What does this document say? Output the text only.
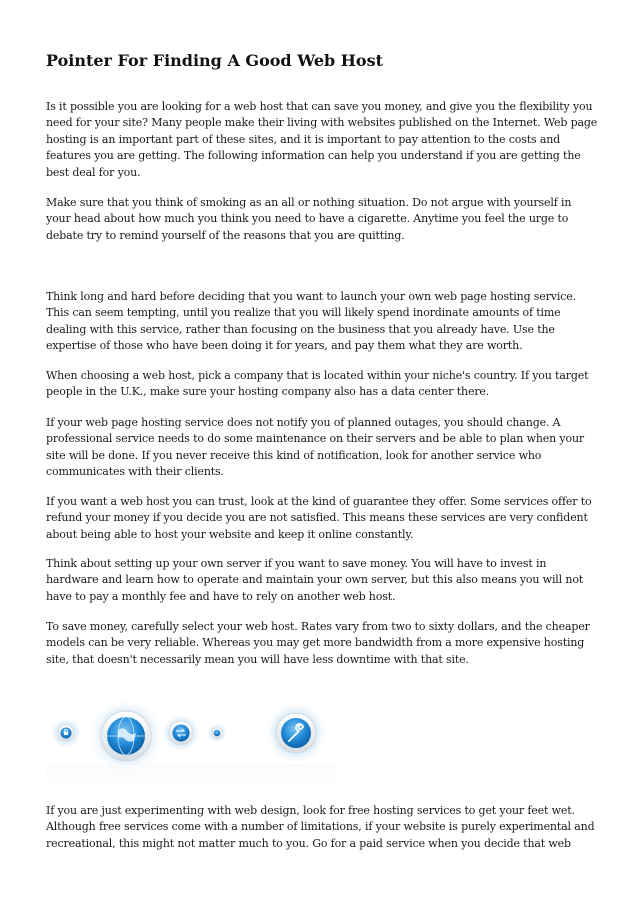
Pointer For Finding A Good Web Host

Is it possible you are looking for a web host that can save you money, and give you the flexibility you
need for your site? Many people make their living with websites published on the Internet. Web page
hosting is an important part of these sites, and it is important to pay attention to the costs and
features you are getting. The following information can help you understand if you are getting the
best deal for you.

Make sure that you think of smoking as an all or nothing situation. Do not argue with yourself in
your head about how much you think you need to have a cigarette. Anytime you feel the urge to
debate try to remind yourself of the reasons that you are quitting.

Think long and hard before deciding that you want to launch your own web page hosting service.
This can seem tempting, until you realize that you will likely spend inordinate amounts of time
dealing with this service, rather than focusing on the business that you already have. Use the
expertise of those who have been doing it for years, and pay them what they are worth.

When choosing a web host, pick a company that is located within your niche's country. If you target
people in the U.K., make sure your hosting company also has a data center there.

If your web page hosting service does not notify you of planned outages, you should change. A
professional service needs to do some maintenance on their servers and be able to plan when your
site will be done. If you never receive this kind of notification, look for another service who
communicates with their clients.

If you want a web host you can trust, look at the kind of guarantee they offer. Some services offer to
refund your money if you decide you are not satisfied. This means these services are very confident
about being able to host your website and keep it online constantly.

Think about setting up your own server if you want to save money. You will have to invest in
hardware and learn how to operate and maintain your own server, but this also means you will not
have to pay a monthly fee and have to rely on another web host.

To save money, carefully select your web host. Rates vary from two to sixty dollars, and the cheaper
models can be very reliable. Whereas you may get more bandwidth from a more expensive hosting
site, that doesn't necessarily mean you will have less downtime with that site.

If you are just experimenting with web design, look for free hosting services to get your feet wet.
Although free services come with a number of limitations, if your website is purely experimental and
recreational, this might not matter much to you. Go for a paid service when you decide that web
